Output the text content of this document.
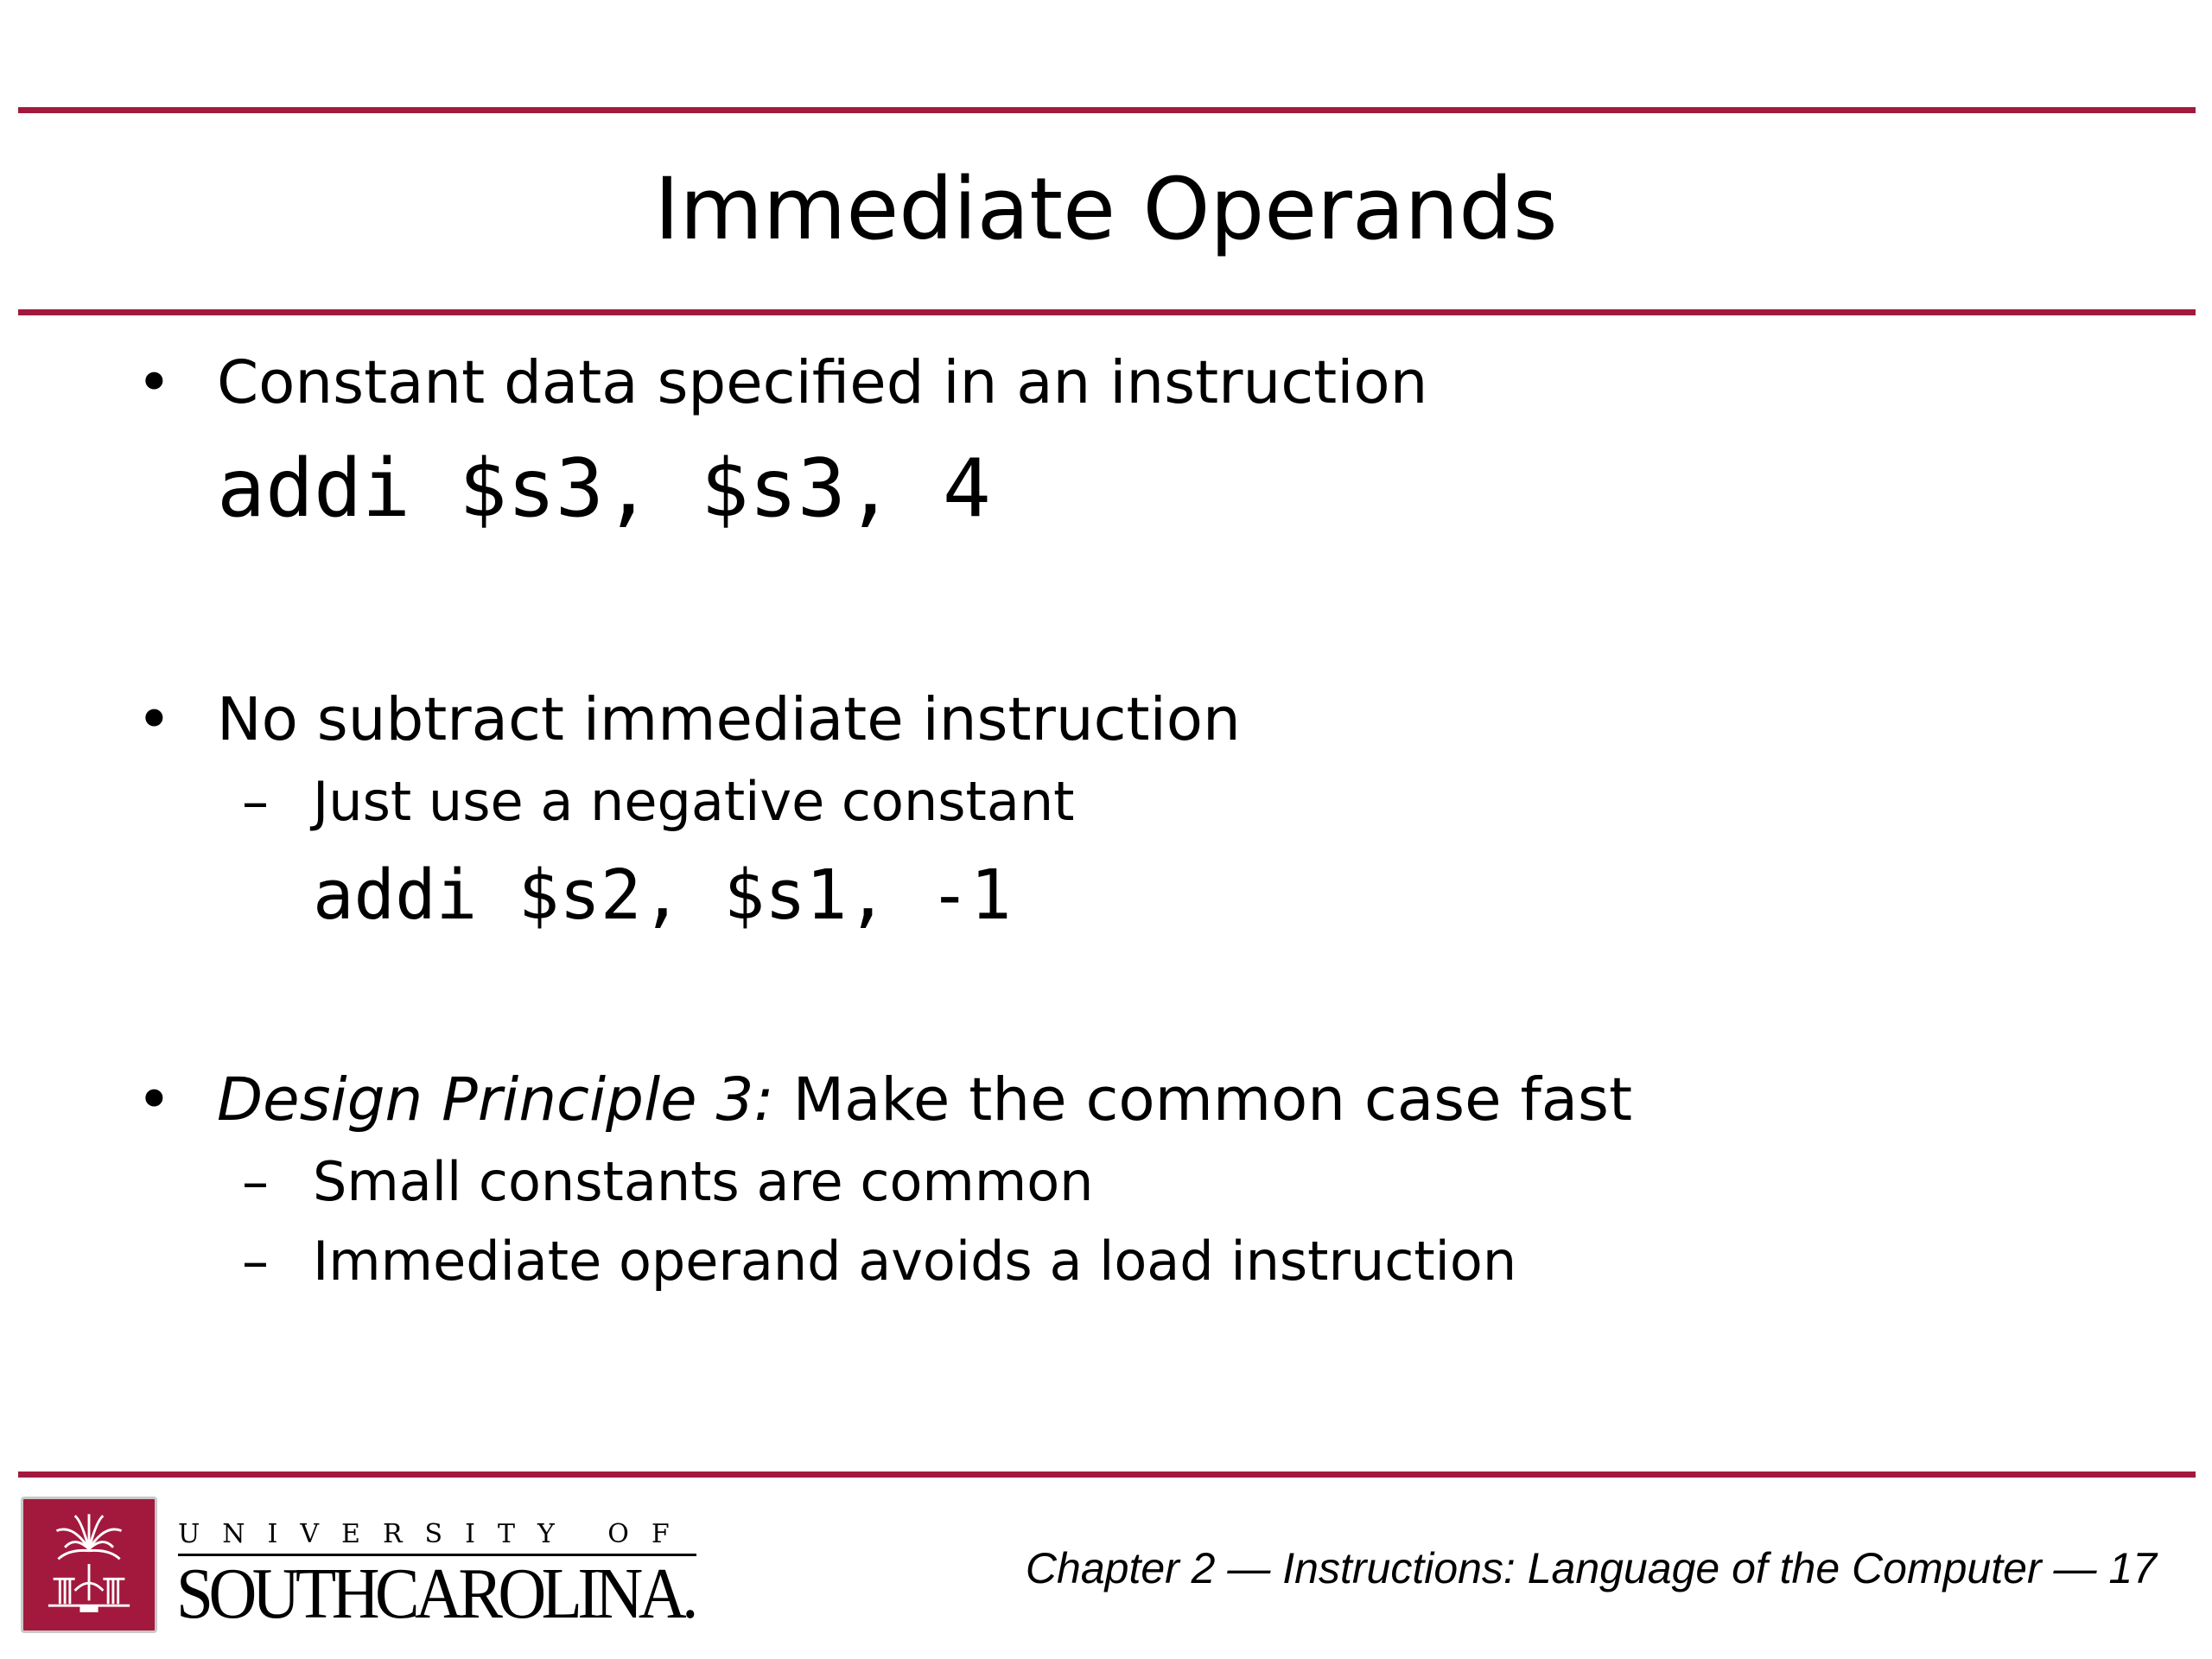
Immediate Operands
• Constant data specified in an instruction
addi $s3, $s3, 4
• No subtract immediate instruction
– Just use a negative constant
addi $s2, $s1, -1
• Design Principle 3: Make the common case fast
– Small constants are common
– Immediate operand avoids a load instruction
UNIVERSITY OF
SOUTHCAROLINA.	Chapter 2 — Instructions: Language of the Computer — 17
